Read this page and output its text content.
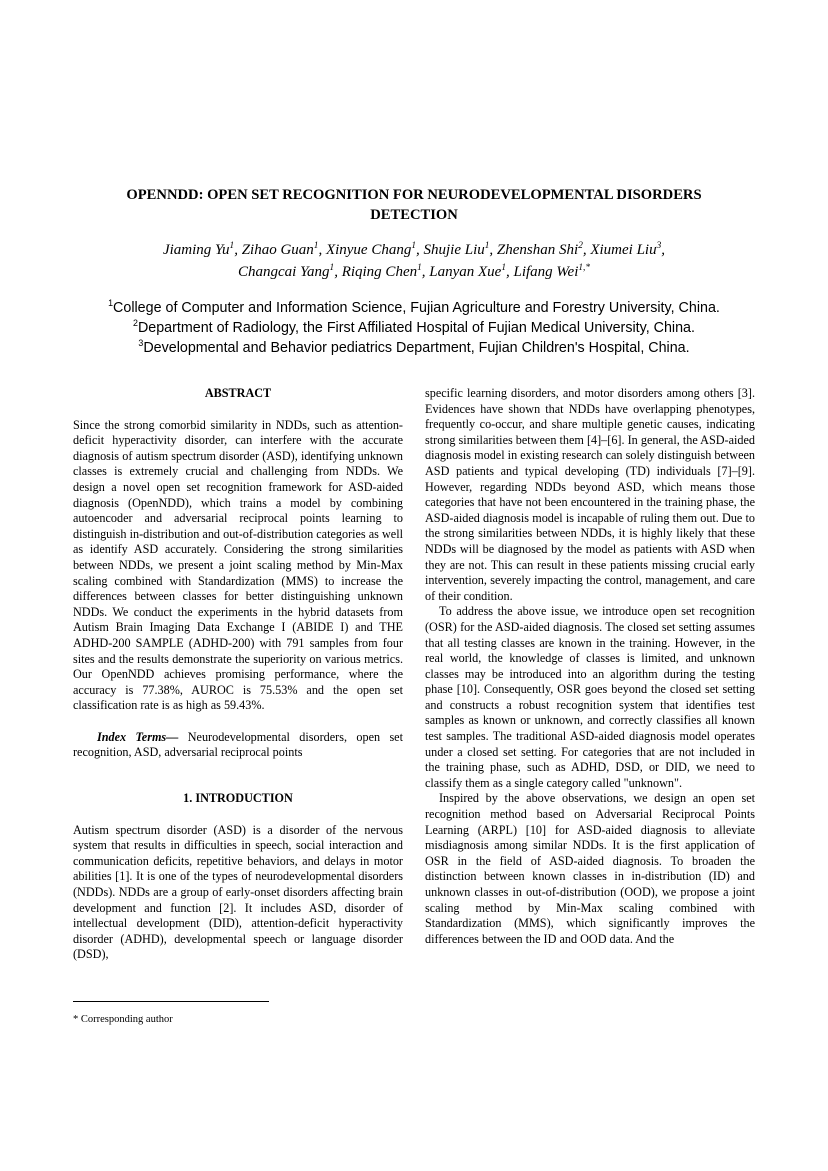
OPENNDD: OPEN SET RECOGNITION FOR NEURODEVELOPMENTAL DISORDERS
DETECTION

Jiaming Yu$^1$, Zihao Guan$^1$, Xinyue Chang$^1$, Shujie Liu$^1$, Zhenshan Shi$^2$, Xiumei Liu$^3$,
Changcai Yang$^1$, Riqing Chen$^1$, Lanyan Xue$^1$, Lifang Wei$^{1,*}$

$^1$College of Computer and Information Science, Fujian Agriculture and Forestry University, China.
$^2$Department of Radiology, the First Affiliated Hospital of Fujian Medical University, China.
$^3$Developmental and Behavior pediatrics Department, Fujian Children's Hospital, China.
ABSTRACT

Since the strong comorbid similarity in NDDs, such as attention-deficit hyperactivity disorder, can interfere with the accurate diagnosis of autism spectrum disorder (ASD), identifying unknown classes is extremely crucial and challenging from NDDs. We design a novel open set recognition framework for ASD-aided diagnosis (OpenNDD), which trains a model by combining autoencoder and adversarial reciprocal points learning to distinguish in-distribution and out-of-distribution categories as well as identify ASD accurately. Considering the strong similarities between NDDs, we present a joint scaling method by Min-Max scaling combined with Standardization (MMS) to increase the differences between classes for better distinguishing unknown NDDs. We conduct the experiments in the hybrid datasets from Autism Brain Imaging Data Exchange I (ABIDE I) and THE ADHD-200 SAMPLE (ADHD-200) with 791 samples from four sites and the results demonstrate the superiority on various metrics. Our OpenNDD achieves promising performance, where the accuracy is 77.38%, AUROC is 75.53% and the open set classification rate is as high as 59.43%.

Index Terms— Neurodevelopmental disorders, open set recognition, ASD, adversarial reciprocal points

1. INTRODUCTION

Autism spectrum disorder (ASD) is a disorder of the nervous system that results in difficulties in speech, social interaction and communication deficits, repetitive behaviors, and delays in motor abilities [1]. It is one of the types of neurodevelopmental disorders (NDDs). NDDs are a group of early-onset disorders affecting brain development and function [2]. It includes ASD, disorder of intellectual development (DID), attention-deficit hyperactivity disorder (ADHD), developmental speech or language disorder (DSD),

specific learning disorders, and motor disorders among others [3]. Evidences have shown that NDDs have overlapping phenotypes, frequently co-occur, and share multiple genetic causes, indicating strong similarities between them [4]–[6]. In general, the ASD-aided diagnosis model in existing research can solely distinguish between ASD patients and typical developing (TD) individuals [7]–[9]. However, regarding NDDs beyond ASD, which means those categories that have not been encountered in the training phase, the ASD-aided diagnosis model is incapable of ruling them out. Due to the strong similarities between NDDs, it is highly likely that these NDDs will be diagnosed by the model as patients with ASD when they are not. This can result in these patients missing crucial early intervention, severely impacting the control, management, and care of their condition.

To address the above issue, we introduce open set recognition (OSR) for the ASD-aided diagnosis. The closed set setting assumes that all testing classes are known in the training. However, in the real world, the knowledge of classes is limited, and unknown classes may be introduced into an algorithm during the testing phase [10]. Consequently, OSR goes beyond the closed set setting and constructs a robust recognition system that identifies test samples as known or unknown, and correctly classifies all known test samples. The traditional ASD-aided diagnosis model operates under a closed set setting. For categories that are not included in the training phase, such as ADHD, DSD, or DID, we need to classify them as a single category called "unknown".

Inspired by the above observations, we design an open set recognition method based on Adversarial Reciprocal Points Learning (ARPL) [10] for ASD-aided diagnosis to alleviate misdiagnosis among similar NDDs. It is the first application of OSR in the field of ASD-aided diagnosis. To broaden the distinction between known classes in in-distribution (ID) and unknown classes in out-of-distribution (OOD), we propose a joint scaling method by Min-Max scaling combined with Standardization (MMS), which significantly improves the differences between the ID and OOD data. And the

* Corresponding author
